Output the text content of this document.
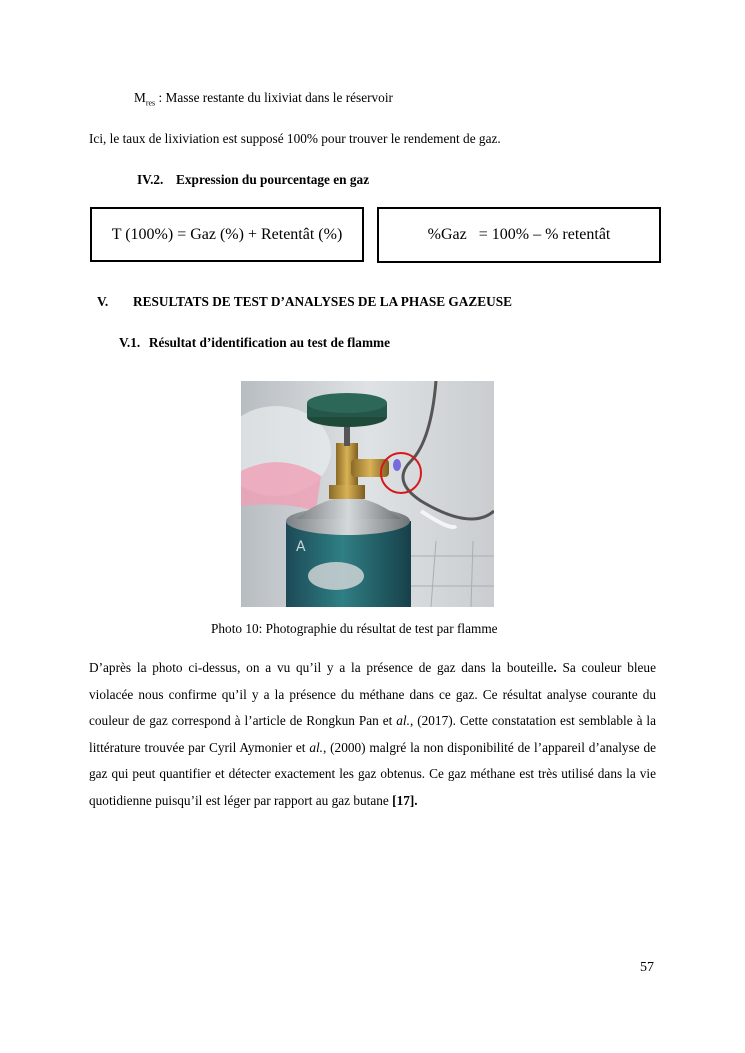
$M_{res}$ : Masse restante du lixiviat dans le réservoir
Ici, le taux de lixiviation est supposé 100% pour trouver le rendement de gaz.
IV.2. Expression du pourcentage en gaz
T (100%) = Gaz (%) + Retentât (%)	%Gaz   = 100% – % retentât
V. RESULTATS DE TEST D’ANALYSES DE LA PHASE GAZEUSE
V.1. Résultat d’identification au test de flamme
A
Photo 10: Photographie du résultat de test par flamme
D’après la photo ci-dessus, on a vu qu’il y a la présence de gaz dans la bouteille. Sa couleur bleue violacée nous confirme qu’il y a la présence du méthane dans ce gaz. Ce résultat analyse courante du couleur de gaz correspond à l’article de Rongkun Pan et al., (2017). Cette constatation est semblable à la littérature trouvée par Cyril Aymonier et al., (2000) malgré la non disponibilité de l’appareil d’analyse de gaz qui peut quantifier et détecter exactement les gaz obtenus. Ce gaz méthane est très utilisé dans la vie quotidienne puisqu’il est léger par rapport au gaz butane [17].
57
